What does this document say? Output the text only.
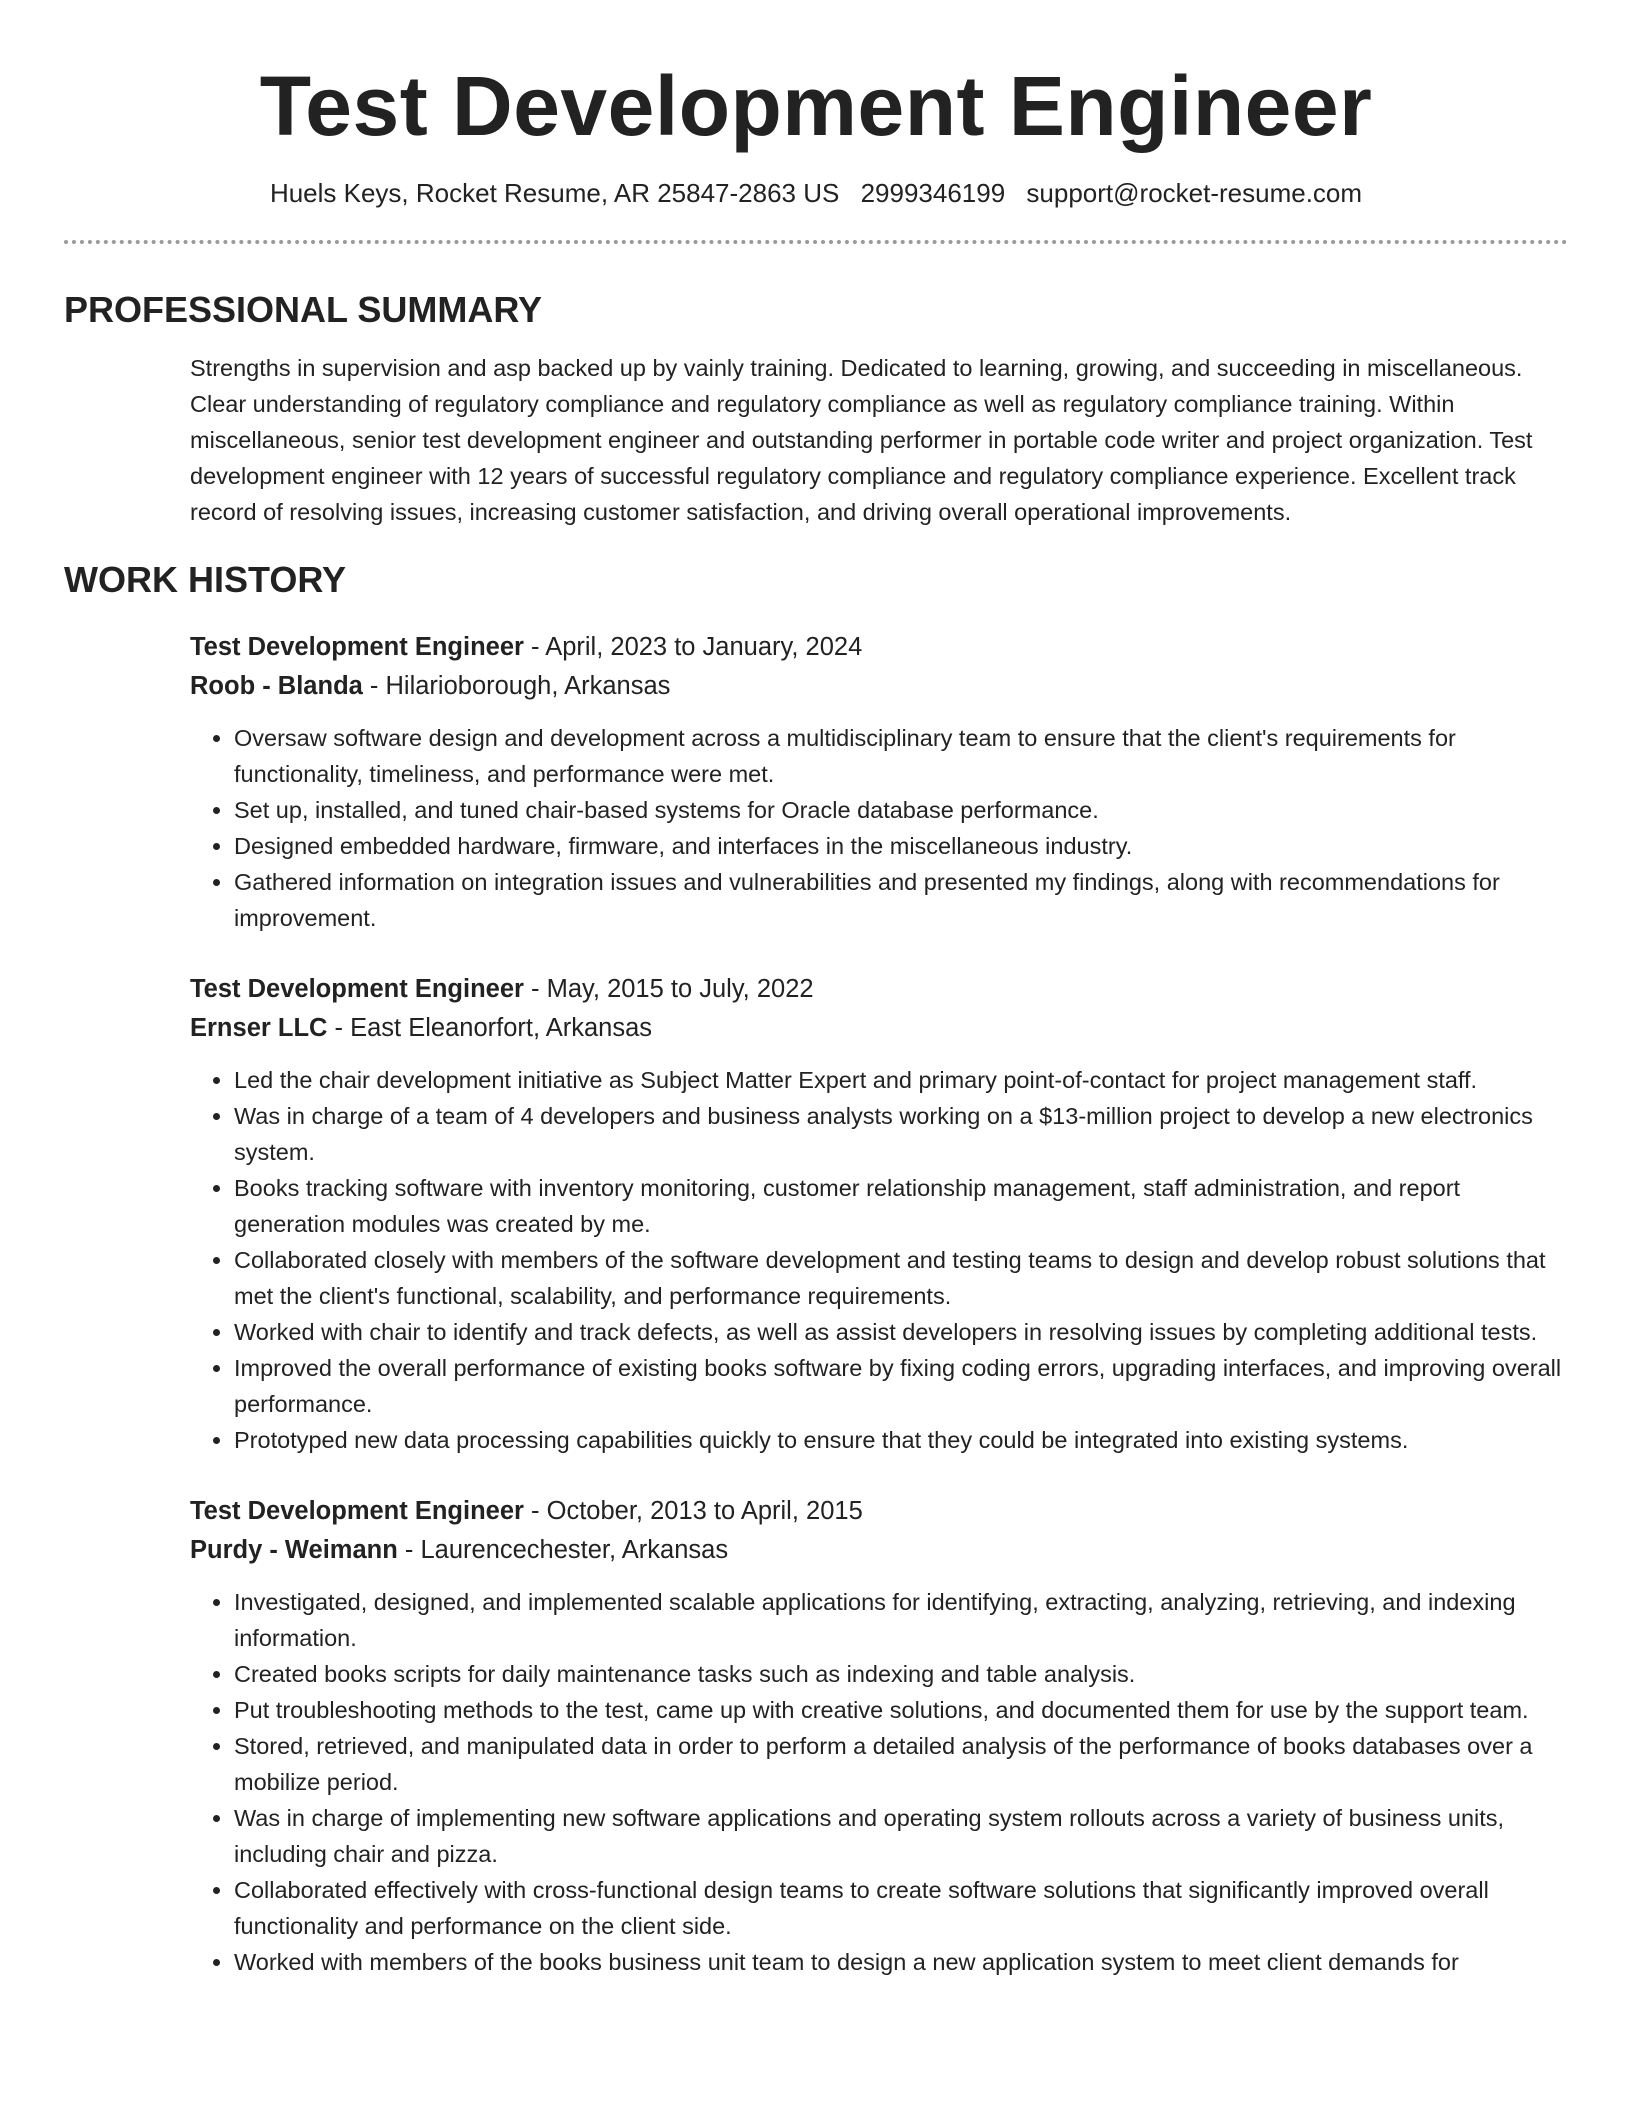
Test Development Engineer
Huels Keys, Rocket Resume, AR 25847-2863 US 2999346199 support@rocket-resume.com
PROFESSIONAL SUMMARY

Strengths in supervision and asp backed up by vainly training. Dedicated to learning, growing, and succeeding in miscellaneous. Clear understanding of regulatory compliance and regulatory compliance as well as regulatory compliance training. Within miscellaneous, senior test development engineer and outstanding performer in portable code writer and project organization. Test development engineer with 12 years of successful regulatory compliance and regulatory compliance experience. Excellent track record of resolving issues, increasing customer satisfaction, and driving overall operational improvements.

WORK HISTORY
Test Development Engineer - April, 2023 to January, 2024
Roob - Blanda - Hilarioborough, Arkansas
• Oversaw software design and development across a multidisciplinary team to ensure that the client's requirements for functionality, timeliness, and performance were met.
• Set up, installed, and tuned chair-based systems for Oracle database performance.
• Designed embedded hardware, firmware, and interfaces in the miscellaneous industry.
• Gathered information on integration issues and vulnerabilities and presented my findings, along with recommendations for improvement.
Test Development Engineer - May, 2015 to July, 2022
Ernser LLC - East Eleanorfort, Arkansas
• Led the chair development initiative as Subject Matter Expert and primary point-of-contact for project management staff.
• Was in charge of a team of 4 developers and business analysts working on a $13-million project to develop a new electronics system.
• Books tracking software with inventory monitoring, customer relationship management, staff administration, and report generation modules was created by me.
• Collaborated closely with members of the software development and testing teams to design and develop robust solutions that met the client's functional, scalability, and performance requirements.
• Worked with chair to identify and track defects, as well as assist developers in resolving issues by completing additional tests.
• Improved the overall performance of existing books software by fixing coding errors, upgrading interfaces, and improving overall performance.
• Prototyped new data processing capabilities quickly to ensure that they could be integrated into existing systems.
Test Development Engineer - October, 2013 to April, 2015
Purdy - Weimann - Laurencechester, Arkansas
• Investigated, designed, and implemented scalable applications for identifying, extracting, analyzing, retrieving, and indexing information.
• Created books scripts for daily maintenance tasks such as indexing and table analysis.
• Put troubleshooting methods to the test, came up with creative solutions, and documented them for use by the support team.
• Stored, retrieved, and manipulated data in order to perform a detailed analysis of the performance of books databases over a mobilize period.
• Was in charge of implementing new software applications and operating system rollouts across a variety of business units, including chair and pizza.
• Collaborated effectively with cross-functional design teams to create software solutions that significantly improved overall functionality and performance on the client side.
• Worked with members of the books business unit team to design a new application system to meet client demands for
